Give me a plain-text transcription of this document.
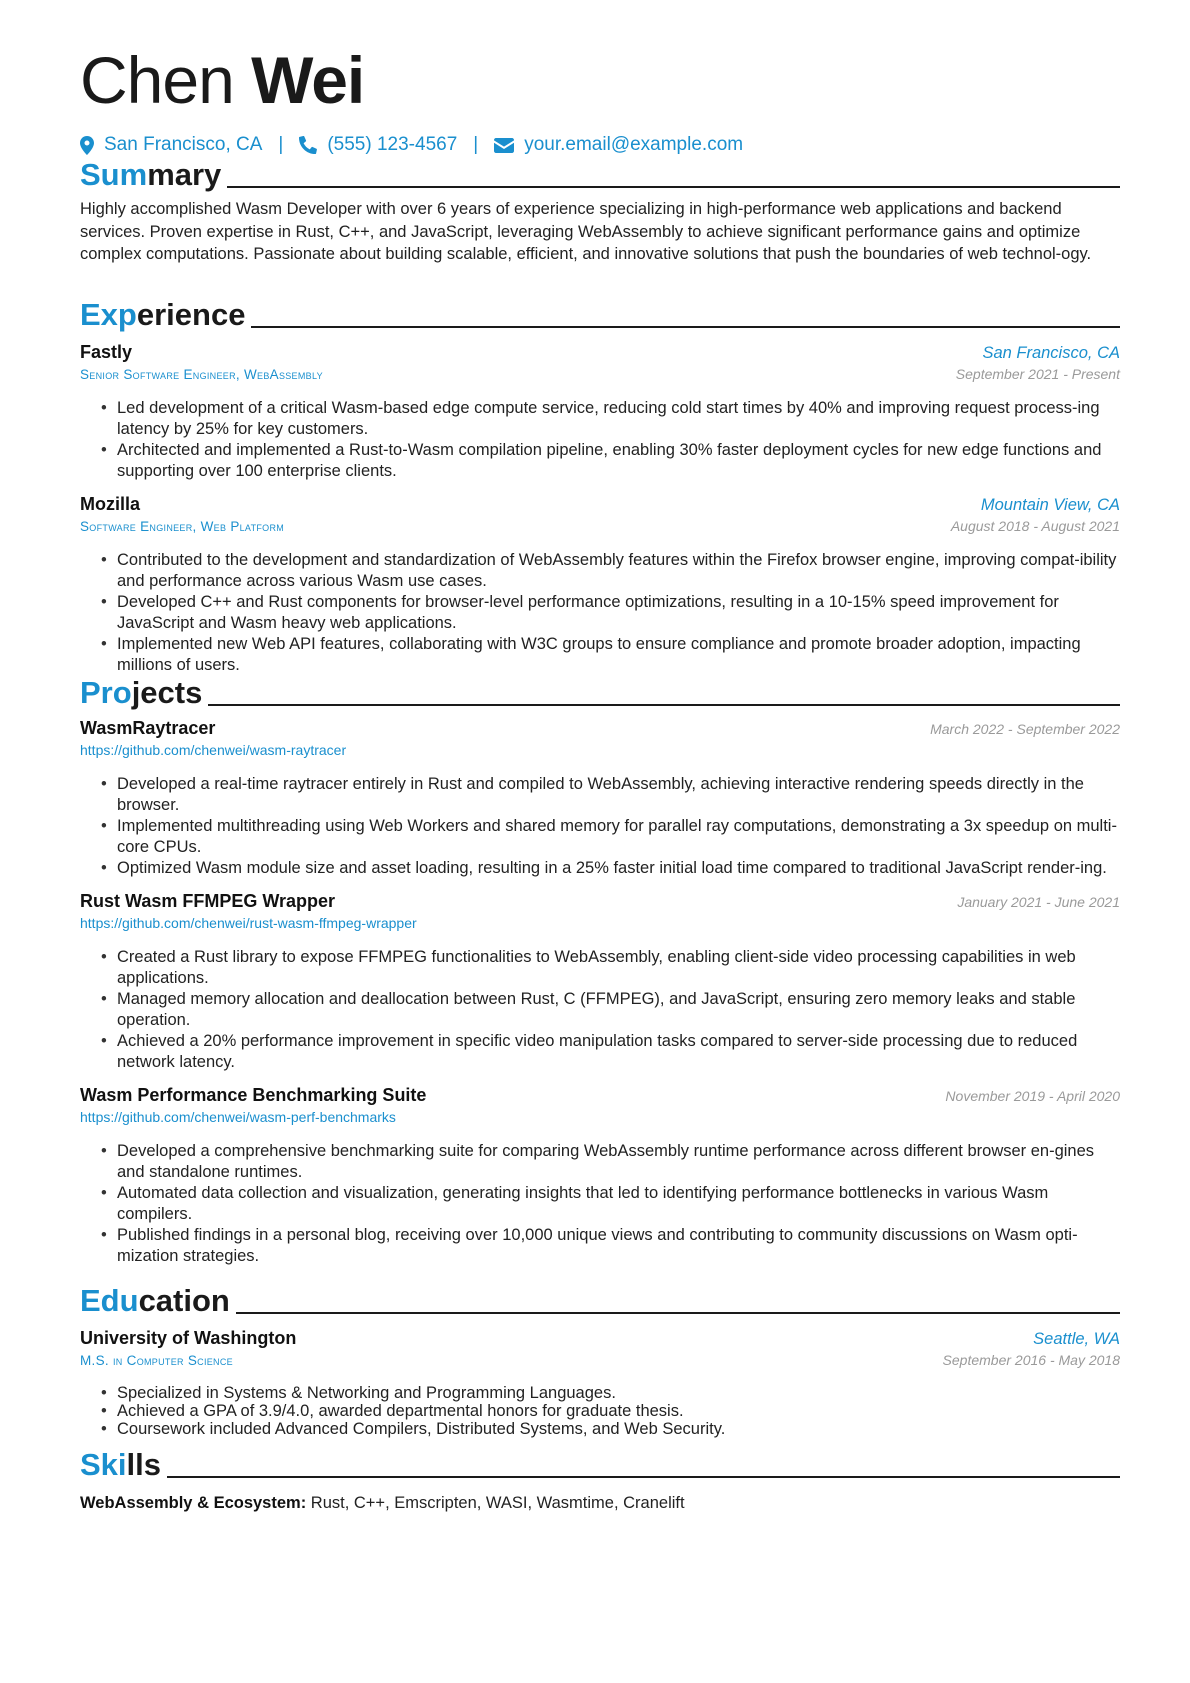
Chen Wei
San Francisco, CA | (555) 123-4567 | your.email@example.com
Summary
Highly accomplished Wasm Developer with over 6 years of experience specializing in high-performance web applications and backend services. Proven expertise in Rust, C++, and JavaScript, leveraging WebAssembly to achieve significant performance gains and optimize complex computations. Passionate about building scalable, efficient, and innovative solutions that push the boundaries of web technol-ogy.
Experience
Fastly	San Francisco, CA
Senior Software Engineer, WebAssembly	September 2021 - Present
• Led development of a critical Wasm-based edge compute service, reducing cold start times by 40% and improving request process-ing latency by 25% for key customers.
• Architected and implemented a Rust-to-Wasm compilation pipeline, enabling 30% faster deployment cycles for new edge functions and supporting over 100 enterprise clients.
Mozilla	Mountain View, CA
Software Engineer, Web Platform	August 2018 - August 2021
• Contributed to the development and standardization of WebAssembly features within the Firefox browser engine, improving compat-ibility and performance across various Wasm use cases.
• Developed C++ and Rust components for browser-level performance optimizations, resulting in a 10-15% speed improvement for JavaScript and Wasm heavy web applications.
• Implemented new Web API features, collaborating with W3C groups to ensure compliance and promote broader adoption, impacting millions of users.
Projects
WasmRaytracer	March 2022 - September 2022
https://github.com/chenwei/wasm-raytracer
• Developed a real-time raytracer entirely in Rust and compiled to WebAssembly, achieving interactive rendering speeds directly in the browser.
• Implemented multithreading using Web Workers and shared memory for parallel ray computations, demonstrating a 3x speedup on multi-core CPUs.
• Optimized Wasm module size and asset loading, resulting in a 25% faster initial load time compared to traditional JavaScript render-ing.
Rust Wasm FFMPEG Wrapper	January 2021 - June 2021
https://github.com/chenwei/rust-wasm-ffmpeg-wrapper
• Created a Rust library to expose FFMPEG functionalities to WebAssembly, enabling client-side video processing capabilities in web applications.
• Managed memory allocation and deallocation between Rust, C (FFMPEG), and JavaScript, ensuring zero memory leaks and stable operation.
• Achieved a 20% performance improvement in specific video manipulation tasks compared to server-side processing due to reduced network latency.
Wasm Performance Benchmarking Suite	November 2019 - April 2020
https://github.com/chenwei/wasm-perf-benchmarks
• Developed a comprehensive benchmarking suite for comparing WebAssembly runtime performance across different browser en-gines and standalone runtimes.
• Automated data collection and visualization, generating insights that led to identifying performance bottlenecks in various Wasm compilers.
• Published findings in a personal blog, receiving over 10,000 unique views and contributing to community discussions on Wasm opti-mization strategies.
Education
University of Washington	Seattle, WA
M.S. in Computer Science	September 2016 - May 2018
• Specialized in Systems & Networking and Programming Languages.
• Achieved a GPA of 3.9/4.0, awarded departmental honors for graduate thesis.
• Coursework included Advanced Compilers, Distributed Systems, and Web Security.
Skills
WebAssembly & Ecosystem: Rust, C++, Emscripten, WASI, Wasmtime, Cranelift
